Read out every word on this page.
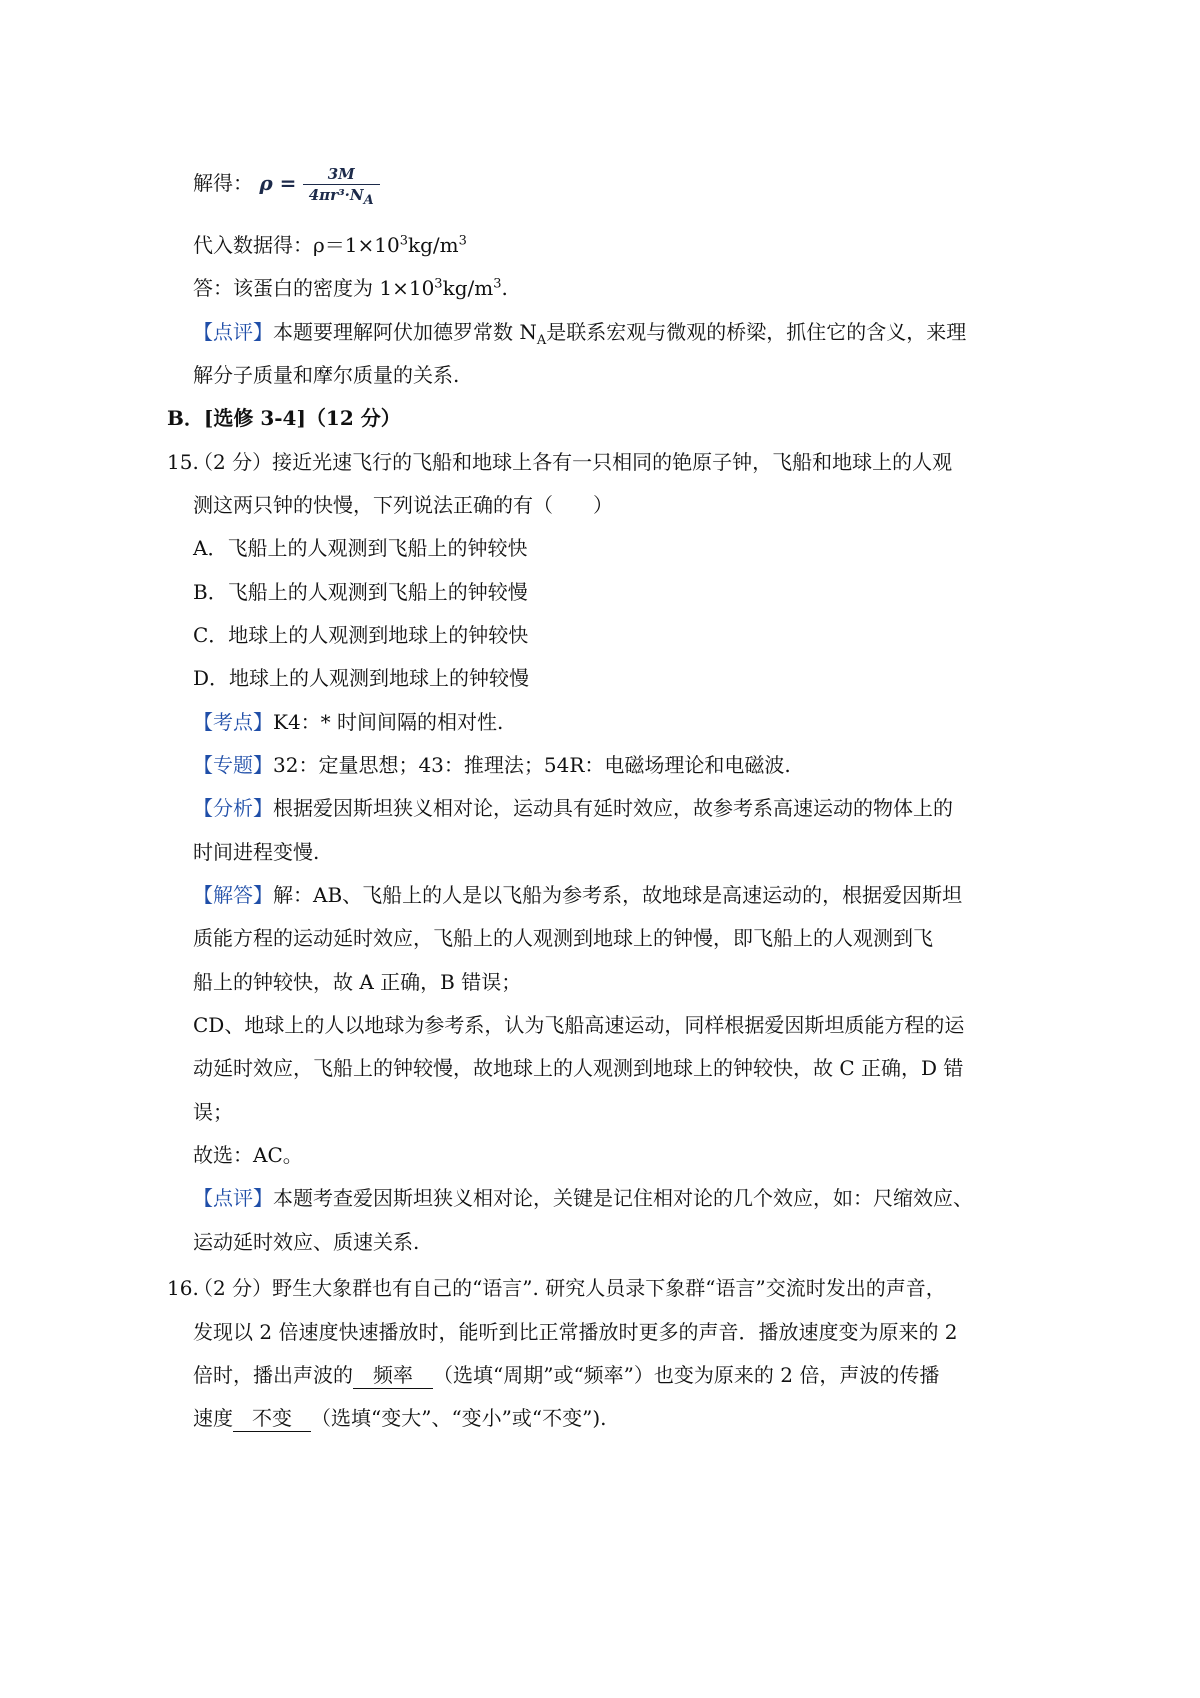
解得： $\rho = \frac{3M}{\text{4πr³·NA}}$
代入数据得：$\rho=1\times 10^3kg/m^3$
答：该蛋白的密度为 $1\times 10^3kg/m^3$.
【点评】本题要理解阿伏加德罗常数 $N_A$是联系宏观与微观的桥梁，抓住它的含义，来理
解分子质量和摩尔质量的关系.
B．[选修 3-4]（12 分）
15.
（2 分）接近光速飞行的飞船和地球上各有一只相同的铯原子钟，飞船和地球上的人观
测这两只钟的快慢，下列说法正确的有（　　）
A．飞船上的人观测到飞船上的钟较快
B．飞船上的人观测到飞船上的钟较慢
C．地球上的人观测到地球上的钟较快
D．地球上的人观测到地球上的钟较慢
【考点】K4：* 时间间隔的相对性.
【专题】32：定量思想；43：推理法；54R：电磁场理论和电磁波.
【分析】根据爱因斯坦狭义相对论，运动具有延时效应，故参考系高速运动的物体上的
时间进程变慢.
【解答】解：AB、飞船上的人是以飞船为参考系，故地球是高速运动的，根据爱因斯坦
质能方程的运动延时效应，飞船上的人观测到地球上的钟慢，即飞船上的人观测到飞
船上的钟较快，故 A 正确，B 错误；
CD、地球上的人以地球为参考系，认为飞船高速运动，同样根据爱因斯坦质能方程的运
动延时效应，飞船上的钟较慢，故地球上的人观测到地球上的钟较快，故 C 正确，D 错
误；
故选：AC。
【点评】本题考查爱因斯坦狭义相对论，关键是记住相对论的几个效应，如：尺缩效应、
运动延时效应、质速关系.
16.
（2 分）野生大象群也有自己的“语言”. 研究人员录下象群“语言”交流时发出的声音，
发现以 2 倍速度快速播放时，能听到比正常播放时更多的声音．播放速度变为原来的 2
倍时，播出声波的 频率 （选填“周期”或“频率”）也变为原来的 2 倍，声波的传播
速度 不变 （选填“变大”、“变小”或“不变”).
